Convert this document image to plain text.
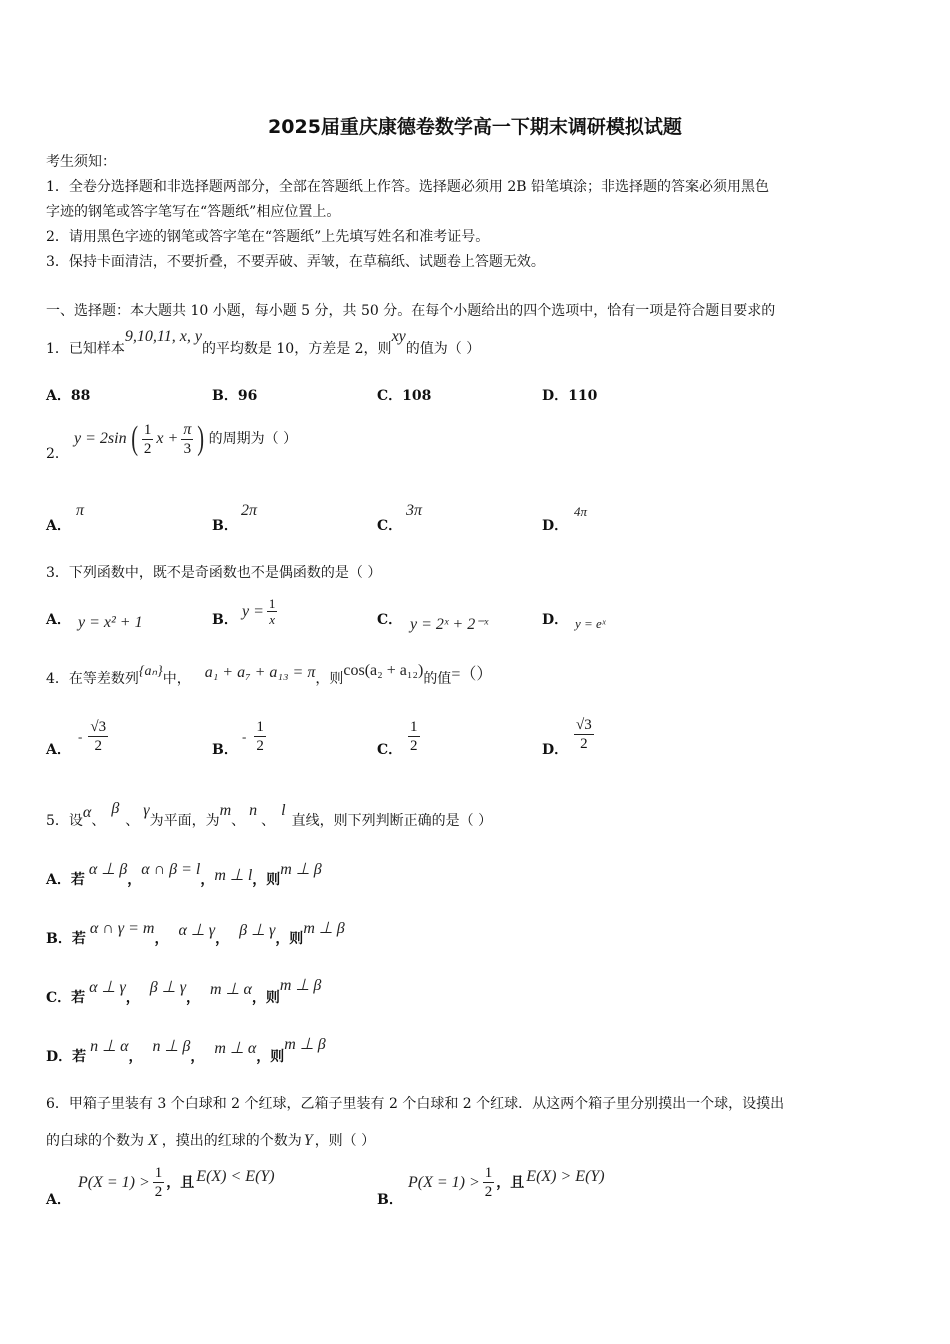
2025届重庆康德卷数学高一下期末调研模拟试题
考生须知：
1．全卷分选择题和非选择题两部分，全部在答题纸上作答。选择题必须用 2B 铅笔填涂；非选择题的答案必须用黑色
字迹的钢笔或答字笔写在“答题纸”相应位置上。
2．请用黑色字迹的钢笔或答字笔在“答题纸”上先填写姓名和准考证号。
3．保持卡面清洁，不要折叠，不要弄破、弄皱，在草稿纸、试题卷上答题无效。
一、选择题：本大题共 10 小题，每小题 5 分，共 50 分。在每个小题给出的四个选项中，恰有一项是符合题目要求的
1．已知样本9,10,11, x, y的平均数是 10，方差是 2，则xy的值为（ ）
A．88	B．96	C．108	D．110
2．
y = 2sin ( $\frac{1}{2}$ $x + \frac{\pi}{3}$ ) 的周期为（ ）
A．
π
B．
2π
C．
3π
D．
4π
3．下列函数中，既不是奇函数也不是偶函数的是（ ）
A． y = x² + 1	B．
$y = \frac{1}{x}$	C． y = 2ˣ + 2⁻ˣ	D． y = eˣ
4．在等差数列{aₙ}中， a₁ + a₇ + a₁₃ = π，则cos(a₂ + a₁₂)的值=（）
A．
- $\frac{√3}{2}$	B．
- $\frac{1}{2}$	C． $\frac{1}{2}$	D． $\frac{√3}{2}$
5．设α、β、γ为平面，为m、n、l直线，则下列判断正确的是（ ）
A．若α ⊥ β，α ∩ β = l，m ⊥ l，则m ⊥ β
B．若α ∩ γ = m， α ⊥ γ， β ⊥ γ，则m ⊥ β
C．若α ⊥ γ，β ⊥ γ， m ⊥ α，则m ⊥ β
D．若n ⊥ α，n ⊥ β， m ⊥ α，则m ⊥ β
6．甲箱子里装有 3 个白球和 2 个红球，乙箱子里装有 2 个白球和 2 个红球．从这两个箱子里分别摸出一个球，设摸出
的白球的个数为 X ，摸出的红球的个数为 Y ，则（ ）
A．
$P(X = 1) > \frac{1}{2}$ ，且 E(X) < E(Y)
B．
$P(X = 1) > \frac{1}{2}$ ，且 E(X) > E(Y)
